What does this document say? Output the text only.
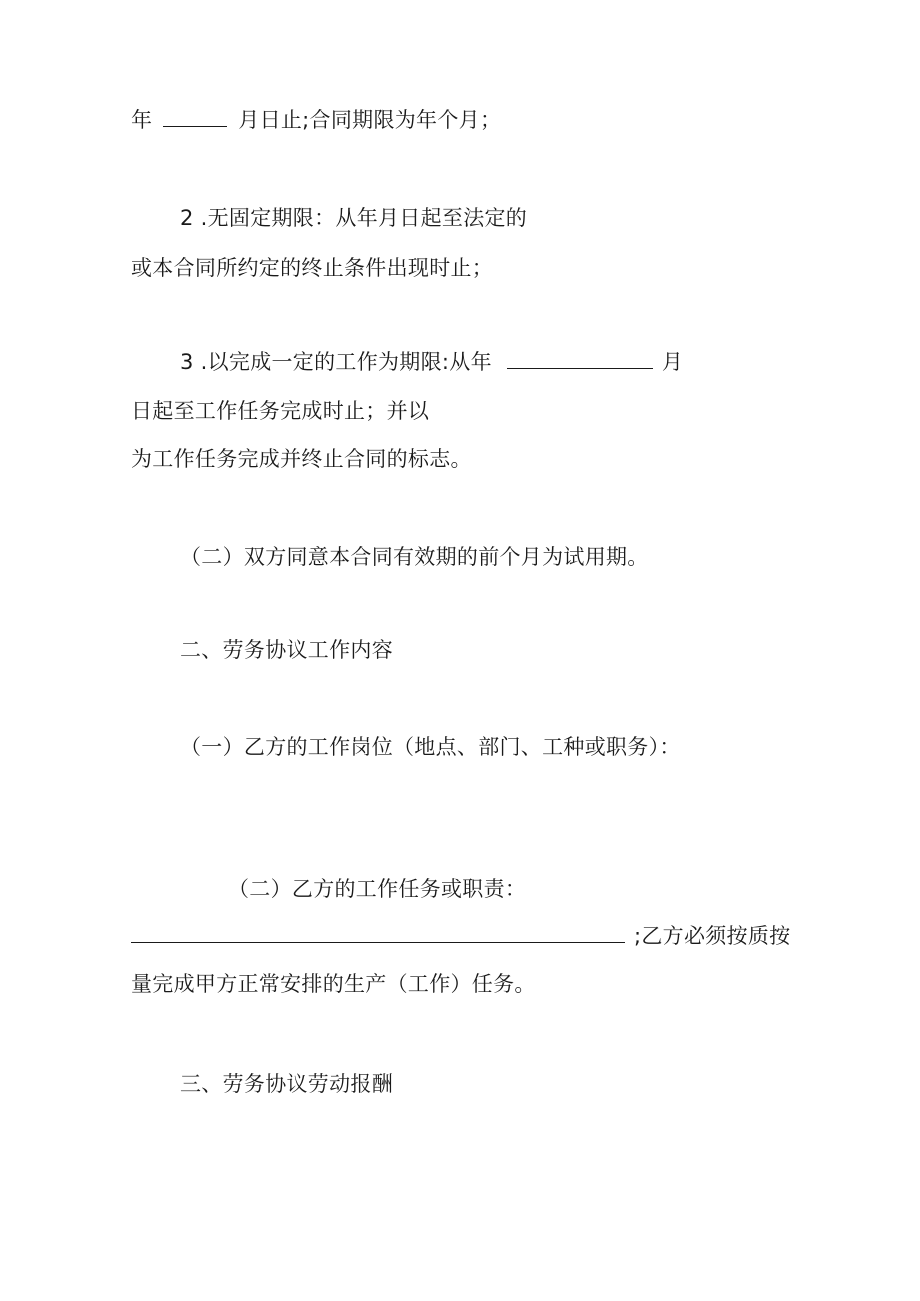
年	月日止;合同期限为年个月；
2 .无固定期限：从年月日起至法定的
或本合同所约定的终止条件出现时止；
3 .以完成一定的工作为期限:从年	月
日起至工作任务完成时止；并以
为工作任务完成并终止合同的标志。
（二）双方同意本合同有效期的前个月为试用期。
二、劳务协议工作内容
（一）乙方的工作岗位（地点、部门、工种或职务）：
（二）乙方的工作任务或职责：
;乙方必须按质按
量完成甲方正常安排的生产（工作）任务。
三、劳务协议劳动报酬
